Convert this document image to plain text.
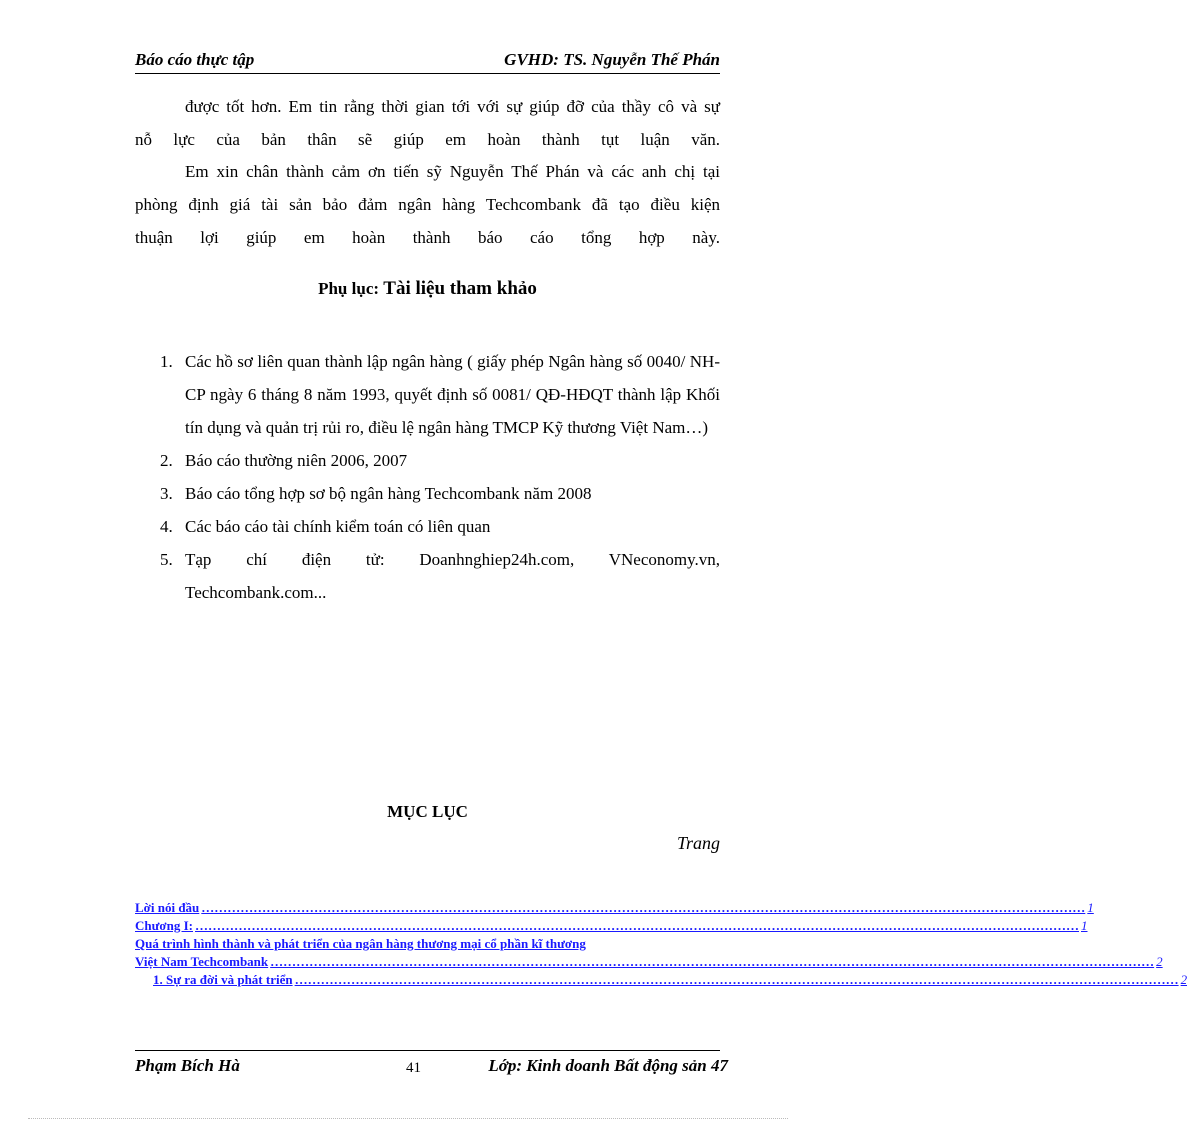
Báo cáo thực tập	GVHD: TS. Nguyễn Thế Phán
được tốt hơn. Em tin rằng thời gian tới với sự giúp đỡ của thầy cô và sự
nỗ lực của bản thân sẽ giúp em hoàn thành tụt luận văn.
Em xin chân thành cảm ơn tiến sỹ Nguyễn Thế Phán và các anh chị tại
phòng định giá tài sản bảo đảm ngân hàng Techcombank đã tạo điều kiện
thuận lợi giúp em hoàn thành báo cáo tổng hợp này.
Phụ lục: Tài liệu tham khảo
1. Các hồ sơ liên quan thành lập ngân hàng ( giấy phép Ngân hàng số 0040/ NH-CP ngày 6 tháng 8 năm 1993, quyết định số 0081/ QĐ-HĐQT thành lập Khối tín dụng và quản trị rủi ro, điều lệ ngân hàng TMCP Kỹ thương Việt Nam…)
2. Báo cáo thường niên 2006, 2007
3. Báo cáo tổng hợp sơ bộ ngân hàng Techcombank năm 2008
4. Các báo cáo tài chính kiểm toán có liên quan
5. Tạp chí điện tử: Doanhnghiep24h.com, VNeconomy.vn,
Techcombank.com...
MỤC LỤC
Trang
Lời nói đầu …………………………………………………………………………………………………………………………………………………………………………………… 1
Chương I: …………………………………………………………………………………………………………………………………………………………………………………… 1
Quá trình hình thành và phát triển của ngân hàng thương mại cổ phần kĩ thương
Việt Nam Techcombank …………………………………………………………………………………………………………………………………………………………………………………… 2
1. Sự ra đời và phát triển …………………………………………………………………………………………………………………………………………………………………………………… 2
Phạm Bích Hà	41	Lớp: Kinh doanh Bất động sản 47
